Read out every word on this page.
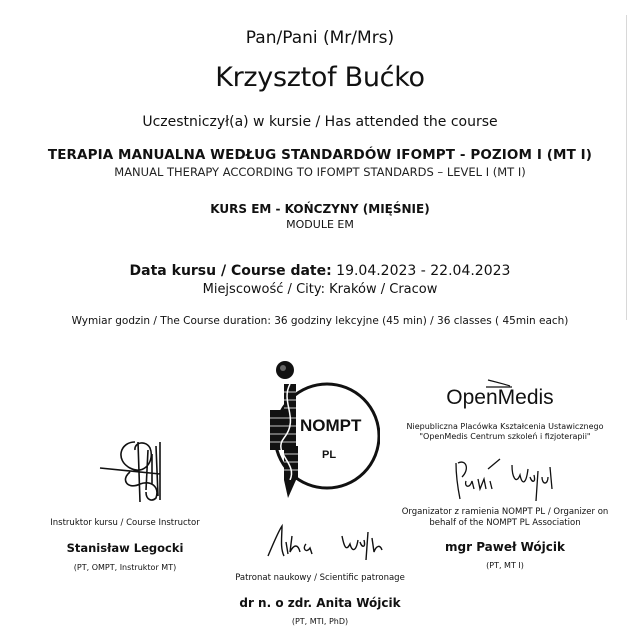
Pan/Pani (Mr/Mrs)
Krzysztof Bućko
Uczestniczył(a) w kursie / Has attended the course
TERAPIA MANUALNA WEDŁUG STANDARDÓW IFOMPT - POZIOM I (MT I)
MANUAL THERAPY ACCORDING TO IFOMPT STANDARDS – LEVEL I (MT I)
KURS EM - KOŃCZYNY (MIĘŚNIE)
MODULE EM
Data kursu / Course date: 19.04.2023 - 22.04.2023
Miejscowość / City: Kraków / Cracow
Wymiar godzin / The Course duration: 36 godziny lekcyjne (45 min) / 36 classes ( 45min each)
Instruktor kursu / Course Instructor
Stanisław Legocki
(PT, OMPT, Instruktor MT)
NOMPT
PL
Patronat naukowy / Scientific patronage
dr n. o zdr. Anita Wójcik
(PT, MTI, PhD)
OpenMedis
Niepubliczna Placówka Kształcenia Ustawicznego
"OpenMedis Centrum szkoleń i fizjoterapii"
Organizator z ramienia NOMPT PL / Organizer on
behalf of the NOMPT PL Association
mgr Paweł Wójcik
(PT, MT I)
